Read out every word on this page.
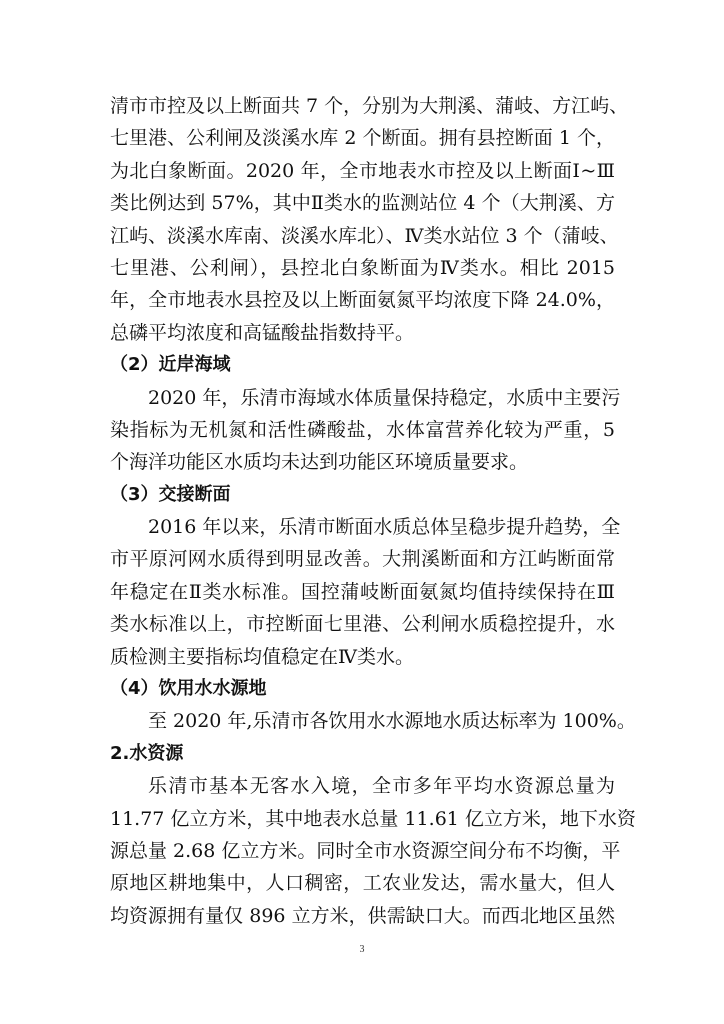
清市市控及以上断面共 7 个，分别为大荆溪、蒲岐、方江屿、
七里港、公利闸及淡溪水库 2 个断面。拥有县控断面 1 个，
为北白象断面。2020 年，全市地表水市控及以上断面Ⅰ~Ⅲ
类比例达到 57%，其中Ⅱ类水的监测站位 4 个（大荆溪、方
江屿、淡溪水库南、淡溪水库北）、Ⅳ类水站位 3 个（蒲岐、
七里港、公利闸），县控北白象断面为Ⅳ类水。相比 2015
年，全市地表水县控及以上断面氨氮平均浓度下降 24.0%，
总磷平均浓度和高锰酸盐指数持平。
（2）近岸海域
2020 年，乐清市海域水体质量保持稳定，水质中主要污
染指标为无机氮和活性磷酸盐，水体富营养化较为严重，5
个海洋功能区水质均未达到功能区环境质量要求。
（3）交接断面
2016 年以来，乐清市断面水质总体呈稳步提升趋势，全
市平原河网水质得到明显改善。大荆溪断面和方江屿断面常
年稳定在Ⅱ类水标准。国控蒲岐断面氨氮均值持续保持在Ⅲ
类水标准以上，市控断面七里港、公利闸水质稳控提升，水
质检测主要指标均值稳定在Ⅳ类水。
（4）饮用水水源地
至 2020 年,乐清市各饮用水水源地水质达标率为 100%。
2.水资源
乐清市基本无客水入境，全市多年平均水资源总量为
11.77 亿立方米，其中地表水总量 11.61 亿立方米，地下水资
源总量 2.68 亿立方米。同时全市水资源空间分布不均衡，平
原地区耕地集中，人口稠密，工农业发达，需水量大，但人
均资源拥有量仅 896 立方米，供需缺口大。而西北地区虽然
3
